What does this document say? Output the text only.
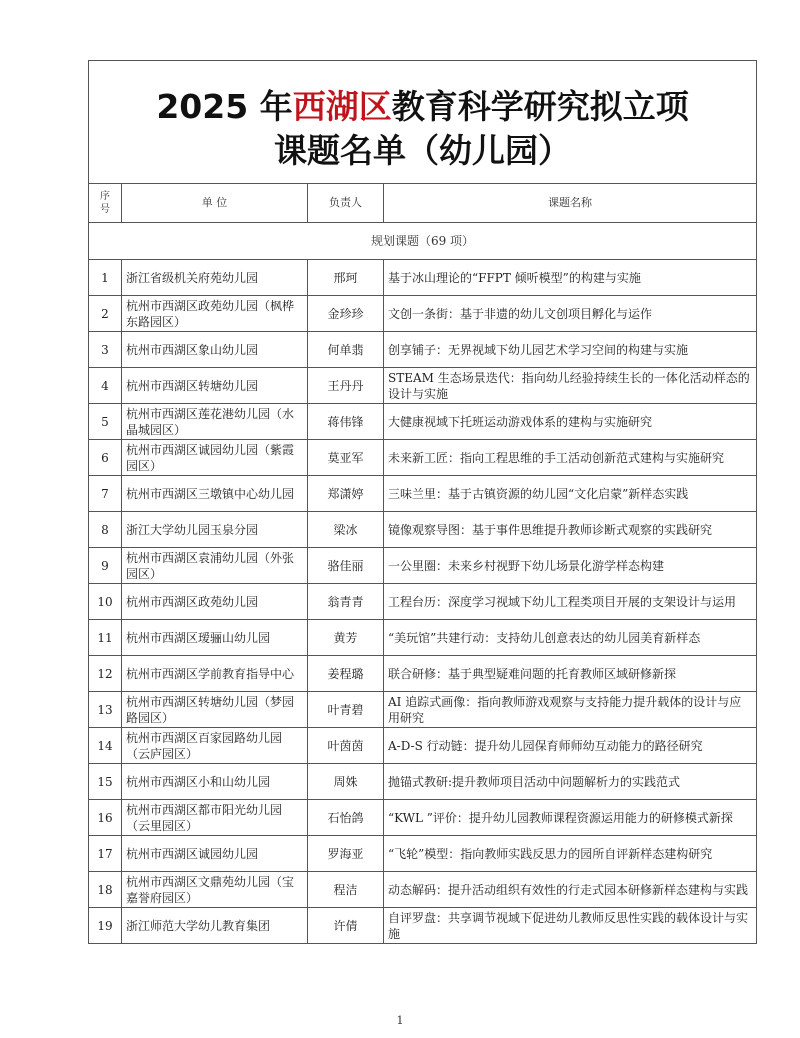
2025 年西湖区教育科学研究拟立项
课题名单（幼儿园）			

序
号	单 位	负责人	课题名称
规划课题（69 项）			
1	浙江省级机关府苑幼儿园	邢珂	基于冰山理论的“FFPT 倾听模型”的构建与实施
2	杭州市西湖区政苑幼儿园（枫桦东路园区）	金珍珍	文创一条街：基于非遗的幼儿文创项目孵化与运作
3	杭州市西湖区象山幼儿园	何单翡	创享铺子：无界视域下幼儿园艺术学习空间的构建与实施
4	杭州市西湖区转塘幼儿园	王丹丹	STEAM 生态场景迭代：指向幼儿经验持续生长的一体化活动样态的设计与实施
5	杭州市西湖区莲花港幼儿园（水晶城园区）	蒋伟锋	大健康视域下托班运动游戏体系的建构与实施研究
6	杭州市西湖区诚园幼儿园（紫霞园区）	莫亚军	未来新工匠：指向工程思维的手工活动创新范式建构与实施研究
7	杭州市西湖区三墩镇中心幼儿园	郑潇婷	三味兰里：基于古镇资源的幼儿园“文化启蒙”新样态实践
8	浙江大学幼儿园玉泉分园	梁冰	镜像观察导图：基于事件思维提升教师诊断式观察的实践研究
9	杭州市西湖区袁浦幼儿园（外张园区）	骆佳丽	一公里圈：未来乡村视野下幼儿场景化游学样态构建
10	杭州市西湖区政苑幼儿园	翁青青	工程台历：深度学习视域下幼儿工程类项目开展的支架设计与运用
11	杭州市西湖区瑷骊山幼儿园	黄芳	“美玩馆”共建行动：支持幼儿创意表达的幼儿园美育新样态
12	杭州市西湖区学前教育指导中心	姜程璐	联合研修：基于典型疑难问题的托育教师区域研修新探
13	杭州市西湖区转塘幼儿园（梦园路园区）	叶青碧	AI 追踪式画像：指向教师游戏观察与支持能力提升载体的设计与应用研究
14	杭州市西湖区百家园路幼儿园（云庐园区）	叶茵茵	A-D-S 行动链：提升幼儿园保育师师幼互动能力的路径研究
15	杭州市西湖区小和山幼儿园	周姝	抛锚式教研:提升教师项目活动中问题解析力的实践范式
16	杭州市西湖区都市阳光幼儿园（云里园区）	石怡鸽	“KWL ”评价：提升幼儿园教师课程资源运用能力的研修模式新探
17	杭州市西湖区诚园幼儿园	罗海亚	“飞轮”模型：指向教师实践反思力的园所自评新样态建构研究
18	杭州市西湖区文鼎苑幼儿园（宝嘉誉府园区）	程洁	动态解码：提升活动组织有效性的行走式园本研修新样态建构与实践
19	浙江师范大学幼儿教育集团	许倩	自评罗盘：共享调节视域下促进幼儿教师反思性实践的载体设计与实施
1
